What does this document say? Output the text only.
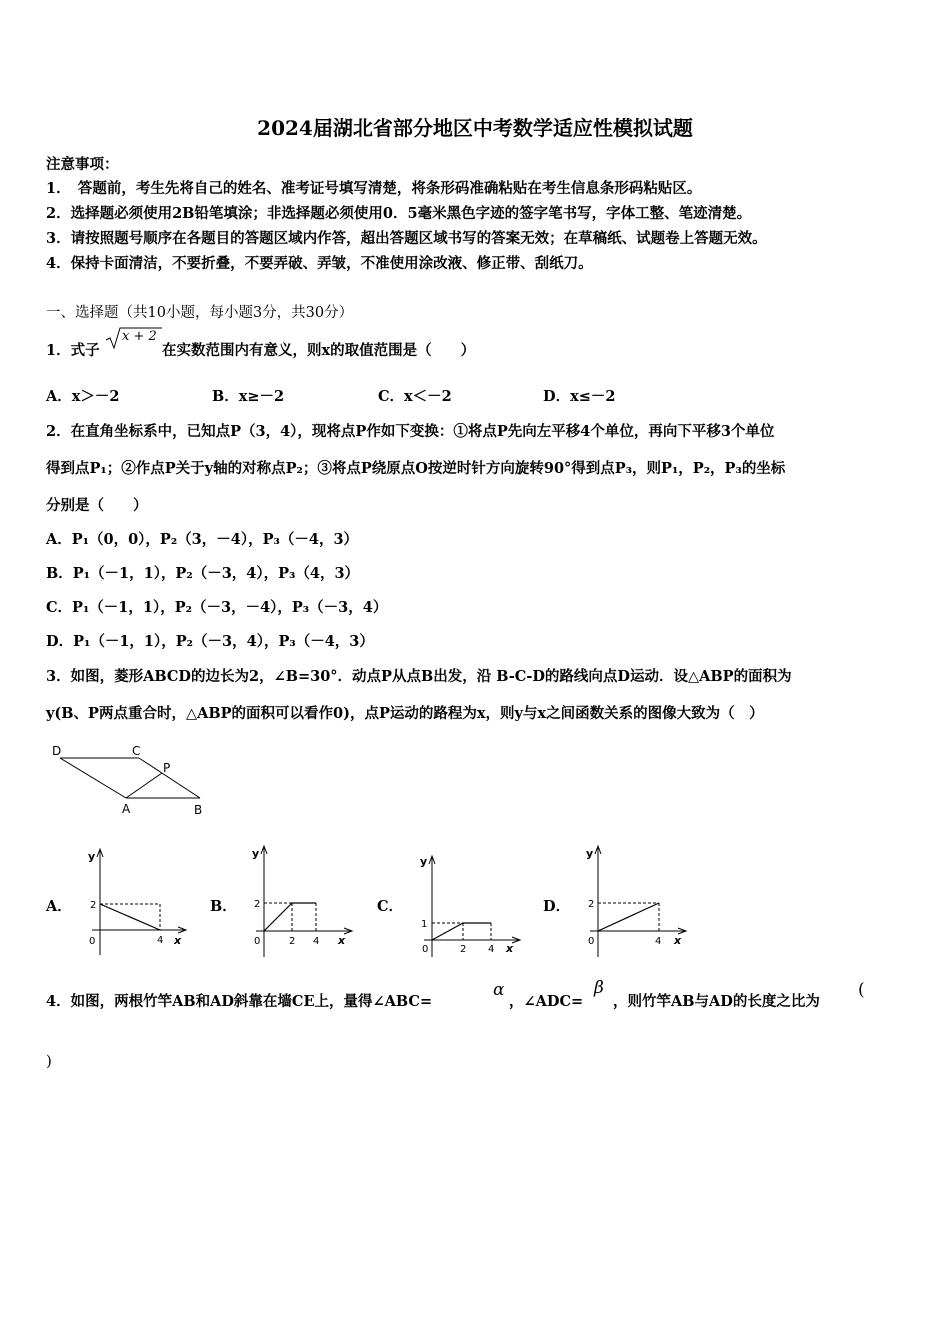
2024届湖北省部分地区中考数学适应性模拟试题
注意事项：
1．　答题前，考生先将自己的姓名、准考证号填写清楚，将条形码准确粘贴在考生信息条形码粘贴区。
2．选择题必须使用2B铅笔填涂；非选择题必须使用0．5毫米黑色字迹的签字笔书写，字体工整、笔迹清楚。
3．请按照题号顺序在各题目的答题区域内作答，超出答题区域书写的答案无效；在草稿纸、试题卷上答题无效。
4．保持卡面清洁，不要折叠，不要弄破、弄皱，不准使用涂改液、修正带、刮纸刀。
一、选择题（共10小题，每小题3分，共30分）
1．式子
x + 2
在实数范围内有意义，则x的取值范围是（　　）
A．x＞－2	B．x≥－2	C．x＜－2	D．x≤－2
2．在直角坐标系中，已知点P（3，4），现将点P作如下变换：①将点P先向左平移4个单位，再向下平移3个单位
得到点P₁；②作点P关于y轴的对称点P₂；③将点P绕原点O按逆时针方向旋转90°得到点P₃，则P₁，P₂，P₃的坐标
分别是（　　）
A．P₁（0，0），P₂（3，－4），P₃（－4，3）
B．P₁（－1，1），P₂（－3，4），P₃（4，3）
C．P₁（－1，1），P₂（－3，－4），P₃（－3，4）
D．P₁（－1，1），P₂（－3，4），P₃（－4，3）
3．如图，菱形ABCD的边长为2，∠B=30°．动点P从点B出发，沿 B-C-D的路线向点D运动．设△ABP的面积为
y(B、P两点重合时，△ABP的面积可以看作0)，点P运动的路程为x，则y与x之间函数关系的图像大致为（　）
D	C
P
A	B
A．	B．	C．	D．
y
x
0
2
4
y
x
0
2
2 4
y
x
0
1
2 4
y
x
0
2
4
4．如图，两根竹竿AB和AD斜靠在墙CE上，量得∠ABC=
α
，∠ADC=
β
，则竹竿AB与AD的长度之比为
(
)
